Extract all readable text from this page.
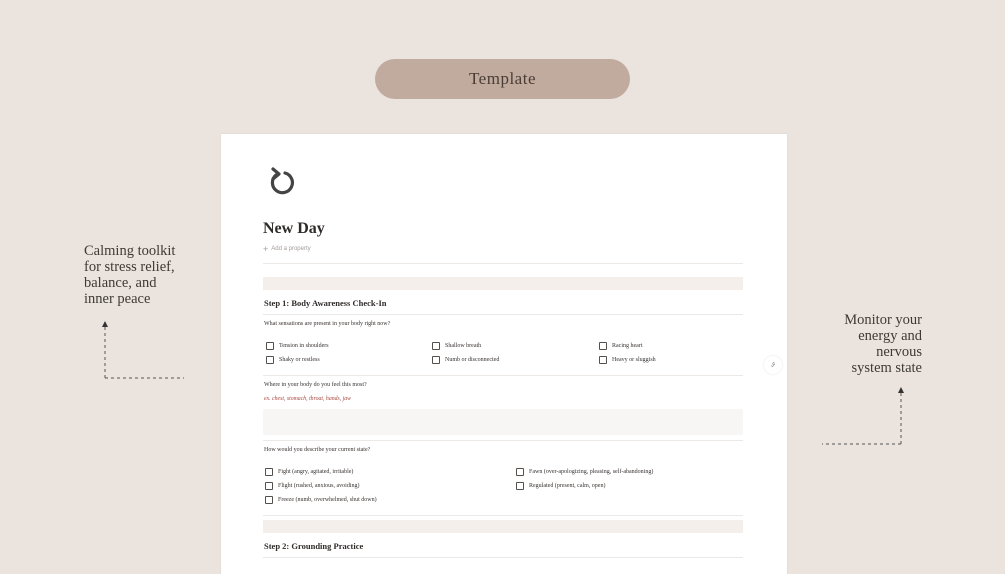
Template
Calming toolkit
for stress relief,
balance, and
inner peace
Monitor your
energy and
nervous
system state
New Day
+ Add a property
Step 1: Body Awareness Check-In
What sensations are present in your body right now?
Tension in shoulders
Shaky or restless
Shallow breath
Numb or disconnected
Racing heart
Heavy or sluggish
Where in your body do you feel this most?
ex. chest, stomach, throat, hands, jaw
How would you describe your current state?
Fight (angry, agitated, irritable)
Flight (rushed, anxious, avoiding)
Freeze (numb, overwhelmed, shut down)
Fawn (over-apologizing, pleasing, self-abandoning)
Regulated (present, calm, open)
Step 2: Grounding Practice
⸈
